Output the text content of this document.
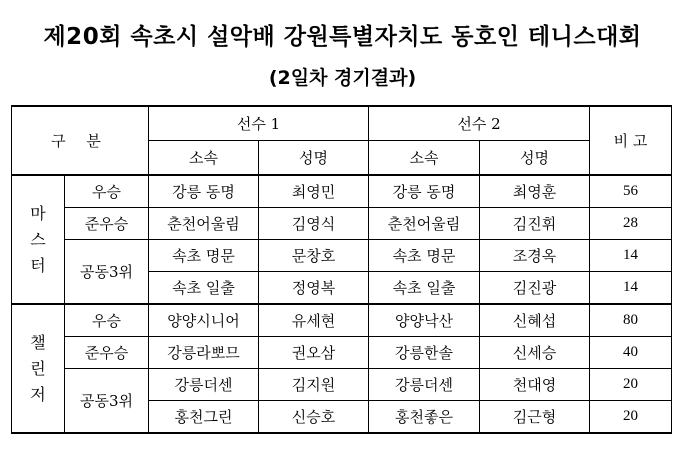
제20회 속초시 설악배 강원특별자치도 동호인 테니스대회
(2일차 경기결과)
구 분		선수 1		선수 2		비 고
		소속	성명	소속	성명	

마
스
터	우승	강릉 동명	최영민	강릉 동명	최영훈	56
	준우승	춘천어울림	김영식	춘천어울림	김진휘	28
	공동3위	속초 명문	문창호	속초 명문	조경옥	14
		속초 일출	정영복	속초 일출	김진광	14

챌
린
저	우승	양양시니어	유세현	양양낙산	신혜섭	80
	준우승	강릉라뽀므	권오삼	강릉한솔	신세승	40
	공동3위	강릉더센	김지원	강릉더센	천대영	20
		홍천그린	신승호	홍천좋은	김근형	20
